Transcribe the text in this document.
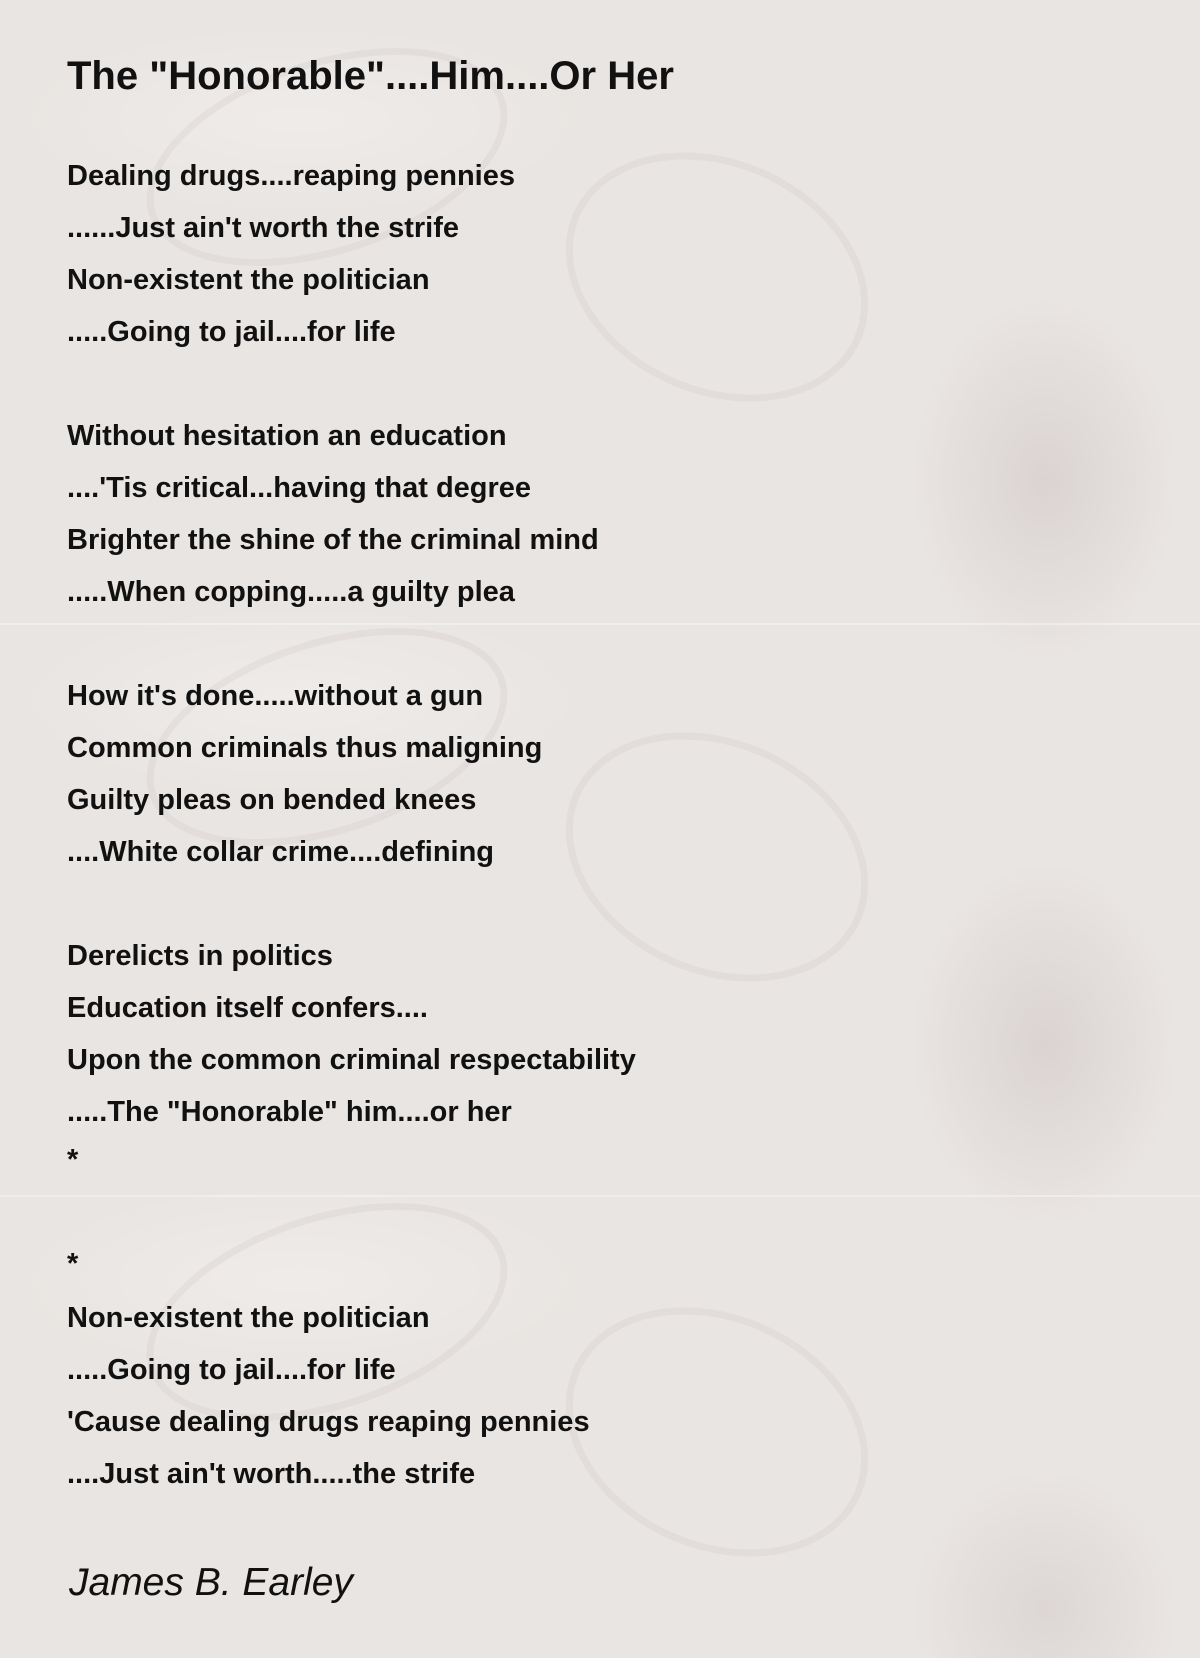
The "Honorable"....Him....Or Her
Dealing drugs....reaping pennies
......Just ain't worth the strife
Non-existent the politician
.....Going to jail....for life
Without hesitation an education
....'Tis critical...having that degree
Brighter the shine of the criminal mind
.....When copping.....a guilty plea
How it's done.....without a gun
Common criminals thus maligning
Guilty pleas on bended knees
....White collar crime....defining
Derelicts in politics
Education itself confers....
Upon the common criminal respectability
.....The "Honorable" him....or her
*
*
Non-existent the politician
.....Going to jail....for life
'Cause dealing drugs reaping pennies
....Just ain't worth.....the strife
James B. Earley
